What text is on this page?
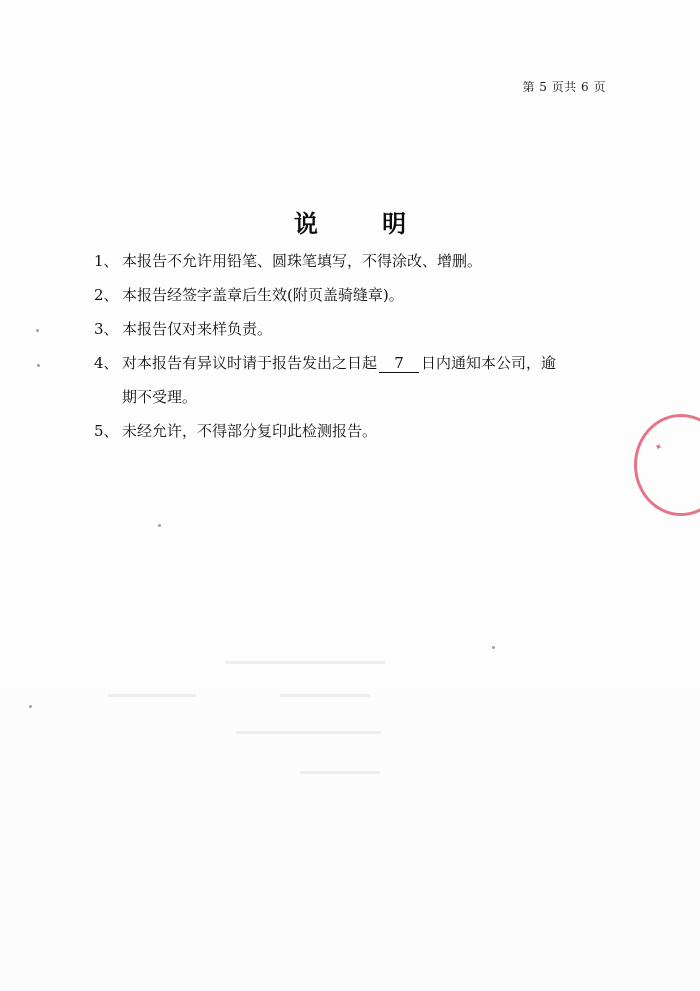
第 5 页共 6 页
说 明
1、 本报告不允许用铅笔、圆珠笔填写，不得涂改、增删。
2、 本报告经签字盖章后生效(附页盖骑缝章)。
3、 本报告仅对来样负责。
4、 对本报告有异议时请于报告发出之日起 7 日内通知本公司，逾
期不受理。
5、 未经允许，不得部分复印此检测报告。
✦
